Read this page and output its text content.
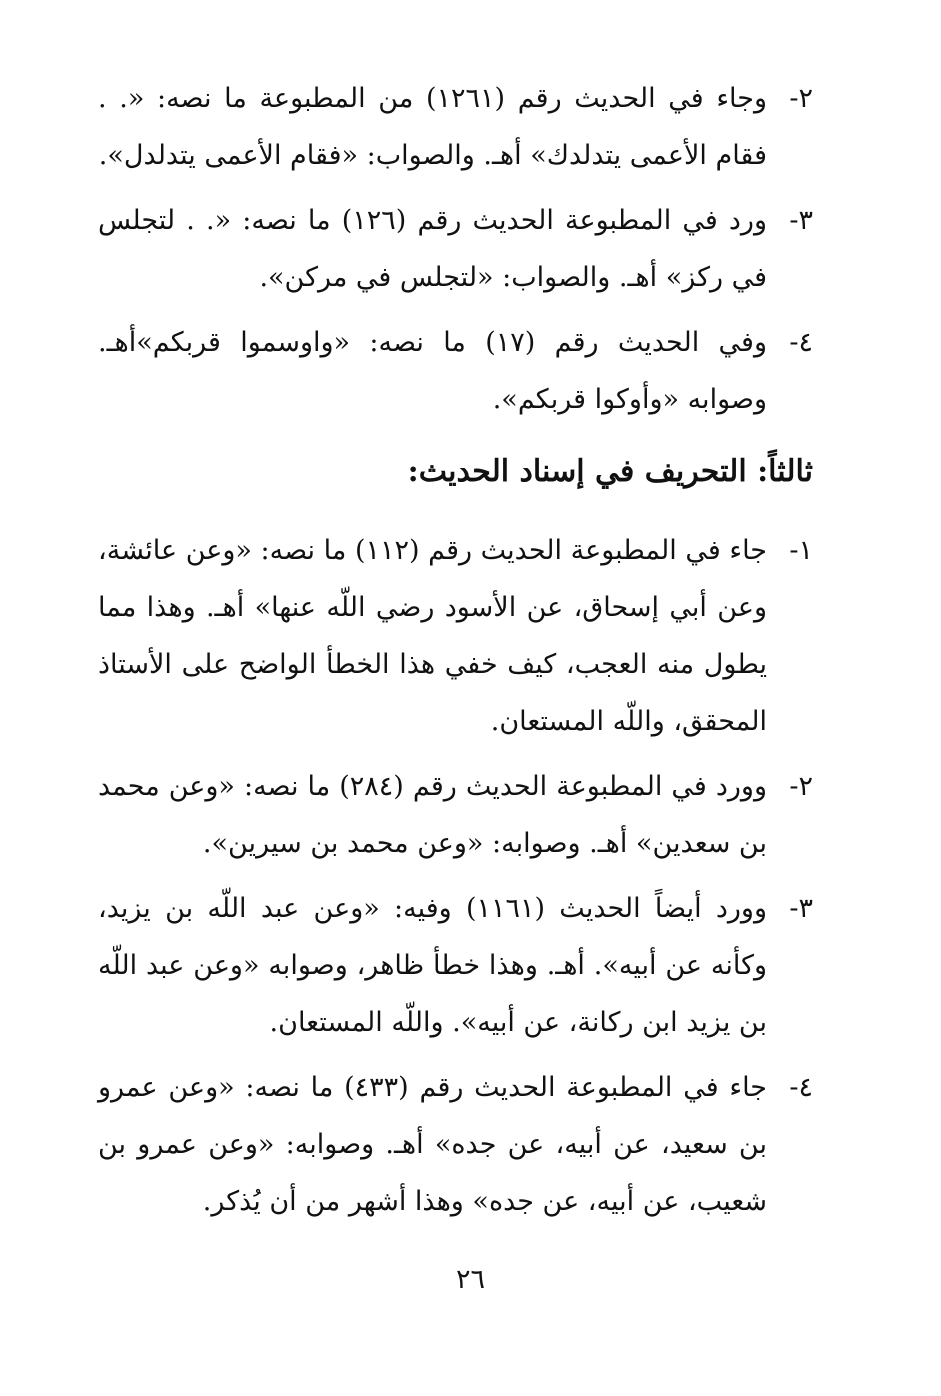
٢-
وجاء في الحديث رقم (١٢٦١) من المطبوعة ما نصه: «. . فقام الأعمى يتدلدك» أهـ. والصواب: «فقام الأعمى يتدلدل».

٣-
ورد في المطبوعة الحديث رقم (١٢٦) ما نصه: «. . لتجلس في ركز» أهـ. والصواب: «لتجلس في مركن».

٤-
وفي الحديث رقم (١٧) ما نصه: «واوسموا قربكم»أهـ. وصوابه «وأوكوا قربكم».

ثالثاً: التحريف في إسناد الحديث:

١-
جاء في المطبوعة الحديث رقم (١١٢) ما نصه: «وعن عائشة، وعن أبي إسحاق، عن الأسود رضي اللّه عنها» أهـ. وهذا مما يطول منه العجب، كيف خفي هذا الخطأ الواضح على الأستاذ المحقق، واللّه المستعان.

٢-
وورد في المطبوعة الحديث رقم (٢٨٤) ما نصه: «وعن محمد بن سعدين» أهـ. وصوابه: «وعن محمد بن سيرين».

٣-
وورد أيضاً الحديث (١١٦١) وفيه: «وعن عبد اللّه بن يزيد، وكأنه عن أبيه». أهـ. وهذا خطأ ظاهر، وصوابه «وعن عبد اللّه بن يزيد ابن ركانة، عن أبيه». واللّه المستعان.

٤-
جاء في المطبوعة الحديث رقم (٤٣٣) ما نصه: «وعن عمرو بن سعيد، عن أبيه، عن جده» أهـ. وصوابه: «وعن عمرو بن شعيب، عن أبيه، عن جده» وهذا أشهر من أن يُذكر.

٢٦
